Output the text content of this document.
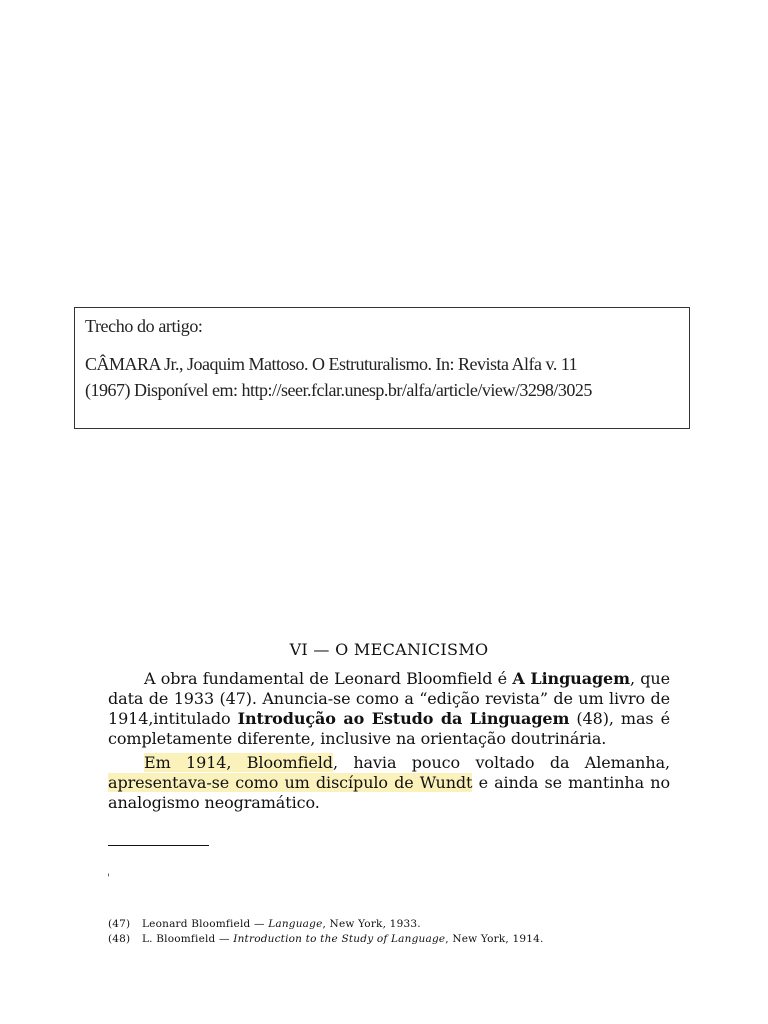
Trecho do artigo:
CÂMARA Jr., Joaquim Mattoso. O Estruturalismo. In: Revista Alfa v. 11
(1967) Disponível em: http://seer.fclar.unesp.br/alfa/article/view/3298/3025
VI — O MECANICISMO

A obra fundamental de Leonard Bloomfield é A Linguagem, que data de 1933 (47). Anuncia-se como a “edição revista” de um livro de 1914,intitulado Introdução ao Estudo da Linguagem (48), mas é completamente diferente, inclusive na orientação doutrinária.

Em 1914, Bloomfield, havia pouco voltado da Alemanha, apresentava-se como um discípulo de Wundt e ainda se mantinha no analogismo neogramático.

'
(47) Leonard Bloomfield — Language, New York, 1933.
(48) L. Bloomfield — Introduction to the Study of Language, New York, 1914.
